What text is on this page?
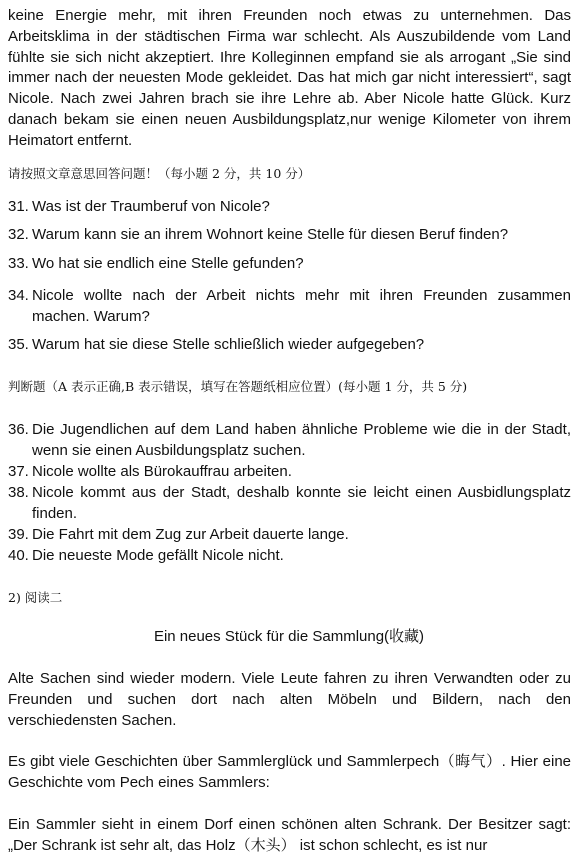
keine Energie mehr, mit ihren Freunden noch etwas zu unternehmen. Das Arbeitsklima in der städtischen Firma war schlecht. Als Auszubildende vom Land fühlte sie sich nicht akzeptiert. Ihre Kolleginnen empfand sie als arrogant „Sie sind immer nach der neuesten Mode gekleidet. Das hat mich gar nicht interessiert“, sagt Nicole. Nach zwei Jahren brach sie ihre Lehre ab. Aber Nicole hatte Glück. Kurz danach bekam sie einen neuen Ausbildungsplatz,nur wenige Kilometer von ihrem Heimatort entfernt.
请按照文章意思回答问题！（每小题 2 分，共 10 分）
31. Was ist der Traumberuf von Nicole?
32. Warum kann sie an ihrem Wohnort keine Stelle für diesen Beruf finden?
33. Wo hat sie endlich eine Stelle gefunden?
34. Nicole wollte nach der Arbeit nichts mehr mit ihren Freunden zusammen machen. Warum?
35. Warum hat sie diese Stelle schließlich wieder aufgegeben?
判断题（A 表示正确,B 表示错误，填写在答题纸相应位置）(每小题 1 分，共 5 分)
36. Die Jugendlichen auf dem Land haben ähnliche Probleme wie die in der Stadt, wenn sie einen Ausbildungsplatz suchen.
37. Nicole wollte als Bürokauffrau arbeiten.
38. Nicole kommt aus der Stadt, deshalb konnte sie leicht einen Ausbidlungsplatz finden.
39. Die Fahrt mit dem Zug zur Arbeit dauerte lange.
40. Die neueste Mode gefällt Nicole nicht.
2) 阅读二
Ein neues Stück für die Sammlung(收藏)
Alte Sachen sind wieder modern. Viele Leute fahren zu ihren Verwandten oder zu Freunden und suchen dort nach alten Möbeln und Bildern, nach den verschiedensten Sachen.
Es gibt viele Geschichten über Sammlerglück und Sammlerpech（晦气）. Hier eine Geschichte vom Pech eines Sammlers:
Ein Sammler sieht in einem Dorf einen schönen alten Schrank. Der Besitzer sagt: „Der Schrank ist sehr alt, das Holz（木头） ist schon schlecht, es ist nur
